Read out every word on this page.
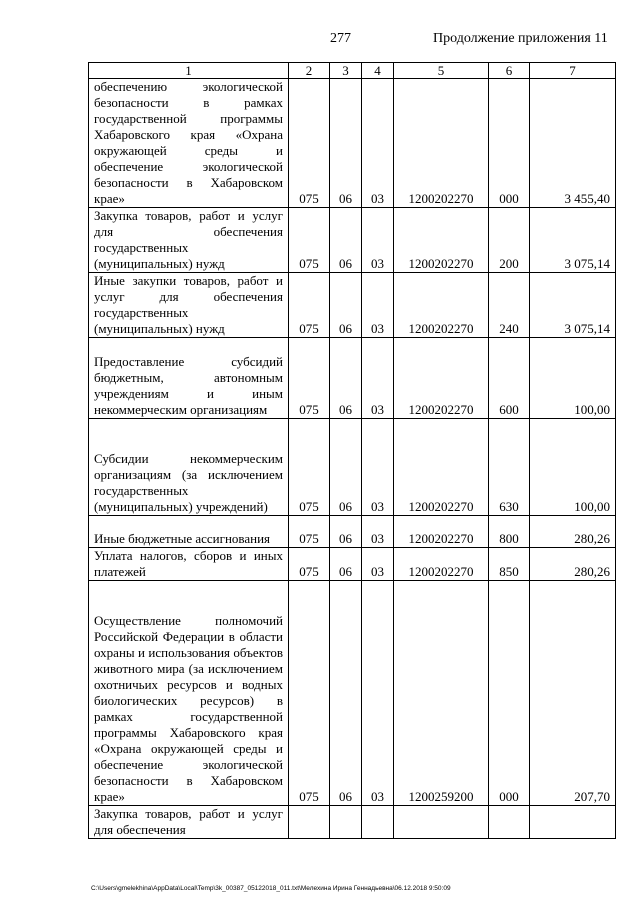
277	Продолжение приложения 11
1	2	3	4	5	6	7
обеспечению экологической безопасности в рамках государственной программы Хабаровского края «Охрана окружающей среды и обеспечение экологической безопасности в Хабаровском крае»	075	06	03	1200202270	000	3 455,40
Закупка товаров, работ и услуг для обеспечения государственных (муниципальных) нужд	075	06	03	1200202270	200	3 075,14
Иные закупки товаров, работ и услуг для обеспечения государственных (муниципальных) нужд	075	06	03	1200202270	240	3 075,14
Предоставление субсидий бюджетным, автономным учреждениям и иным некоммерческим организациям	075	06	03	1200202270	600	100,00
Субсидии некоммерческим организациям (за исключением государственных (муниципальных) учреждений)	075	06	03	1200202270	630	100,00
Иные бюджетные ассигнования	075	06	03	1200202270	800	280,26
Уплата налогов, сборов и иных платежей	075	06	03	1200202270	850	280,26
Осуществление полномочий Российской Федерации в области охраны и использования объектов животного мира (за исключением охотничьих ресурсов и водных биологических ресурсов) в рамках государственной программы Хабаровского края «Охрана окружающей среды и обеспечение экологической безопасности в Хабаровском крае»	075	06	03	1200259200	000	207,70
Закупка товаров, работ и услуг для обеспечения						
C:\Users\gmelekhina\AppData\Local\Temp\3k_00387_05122018_011.txt\Мелехина Ирина Геннадьевна\06.12.2018 9:50:09
